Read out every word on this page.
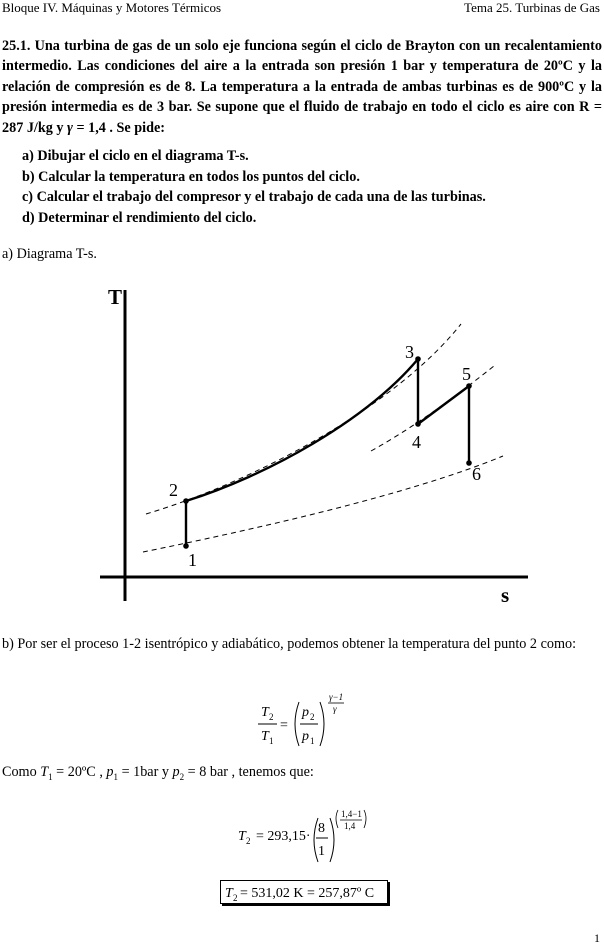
Bloque IV. Máquinas y Motores Térmicos	Tema 25. Turbinas de Gas
25.1. Una turbina de gas de un solo eje funciona según el ciclo de Brayton con un recalentamiento intermedio. Las condiciones del aire a la entrada son presión 1 bar y temperatura de 20ºC y la relación de compresión es de 8. La temperatura a la entrada de ambas turbinas es de 900ºC y la presión intermedia es de 3 bar. Se supone que el fluido de trabajo en todo el ciclo es aire con R = 287 J/kg y γ = 1,4 . Se pide:
a) Dibujar el ciclo en el diagrama T-s.
b) Calcular la temperatura en todos los puntos del ciclo.
c) Calcular el trabajo del compresor y el trabajo de cada una de las turbinas.
d) Determinar el rendimiento del ciclo.
a) Diagrama T-s.
T
s
1
2
3
4
5
6
b) Por ser el proceso 1-2 isentrópico y adiabático, podemos obtener la temperatura del punto 2 como:
T 2
T 1
=
p 2
p 1
γ−1
γ
T 2 = 293,15·
8
1
1,4−1
1,4
T 2 = 531,02 K = 257,87º C
Como $T_1$ = 20ºC , $p_1 = 1bar$ y $p_2 = 8$ bar , tenemos que:
1
